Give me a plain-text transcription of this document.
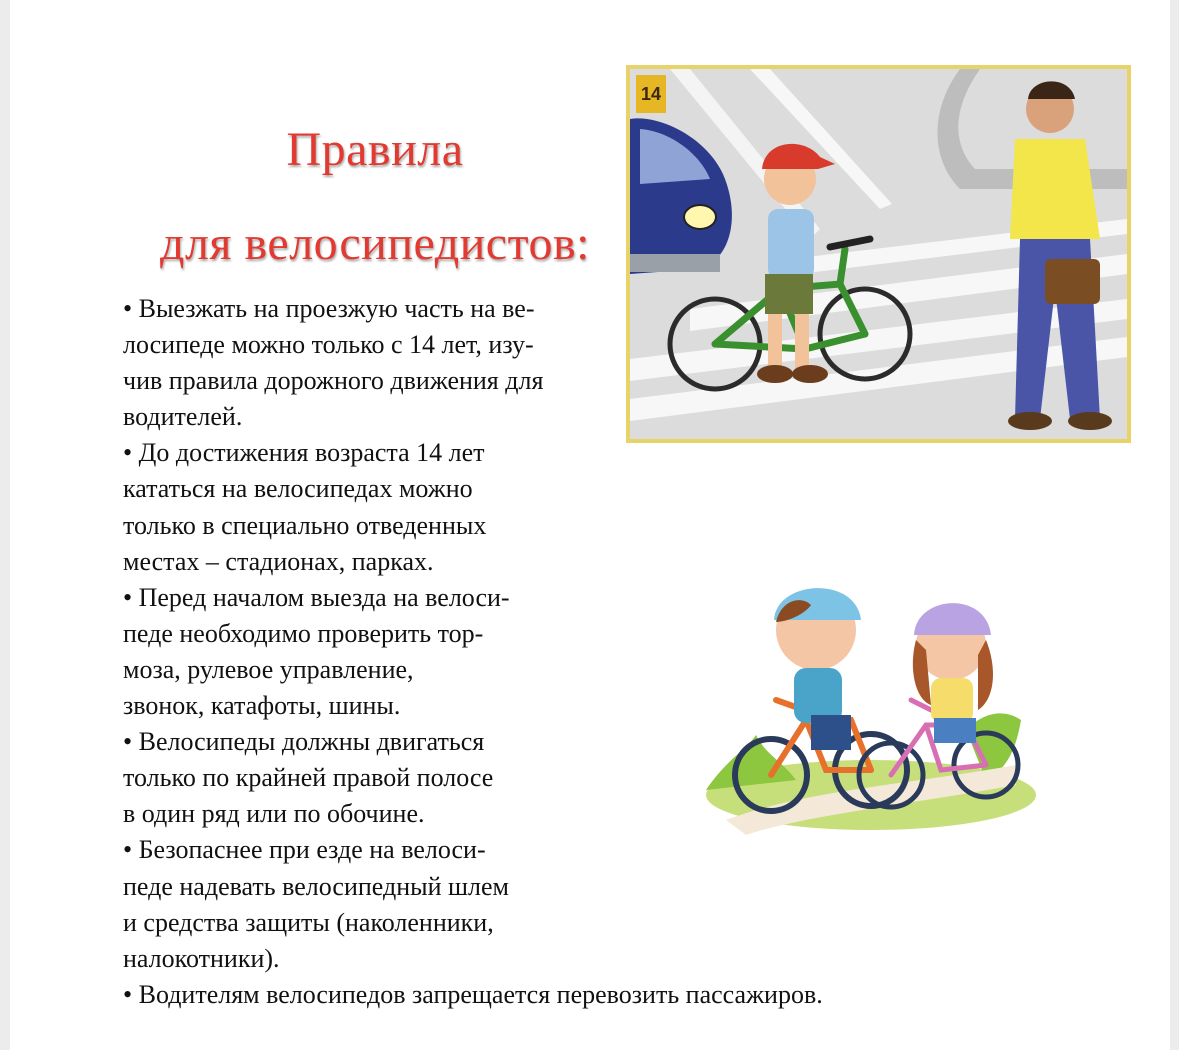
Правила
для велосипедистов:
• Выезжать на проезжую часть на ве-
лосипеде можно только с 14 лет, изу-
чив правила дорожного движения для
водителей.
• До достижения возраста 14 лет
кататься на велосипедах можно
только в специально отведенных
местах – стадионах, парках.
• Перед началом выезда на велоси-
педе необходимо проверить тор-
моза, рулевое управление,
звонок, катафоты, шины.
• Велосипеды должны двигаться
только по крайней правой полосе
в один ряд или по обочине.
• Безопаснее при езде на велоси-
педе надевать велосипедный шлем
и средства защиты (наколенники,
налокотники).
• Водителям велосипедов запрещается перевозить пассажиров.
14
